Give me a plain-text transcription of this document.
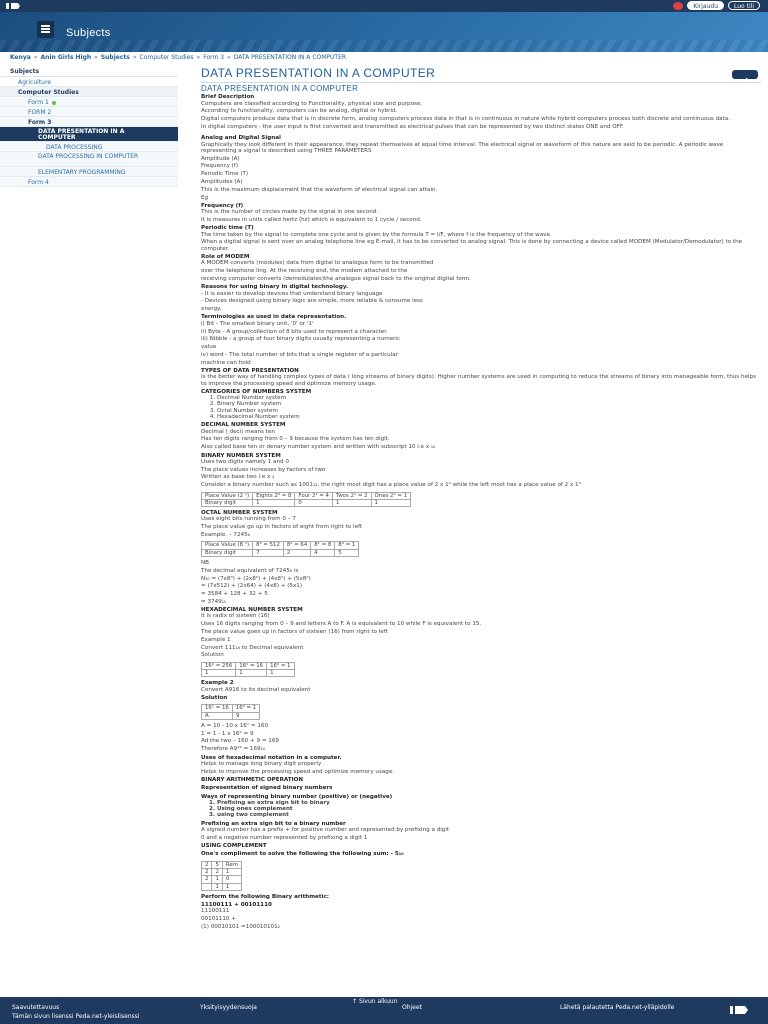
Kirjaudu	Luo tili
Subjects
Kenya » Anin Girls High » Subjects » Computer Studies » Form 3 » DATA PRESENTATION IN A COMPUTER
Subjects
Agriculture
Computer Studies
Form 1
FORM 2
Form 3
DATA PRESENTATION IN A COMPUTER
DATA PROCESSING
DATA PROCESSING IN COMPUTER
ELEMENTARY PROGRAMMING
Form 4
DATA PRESENTATION IN A COMPUTER
DATA PRESENTATION IN A COMPUTER
Brief Description
Computers are classified according to Functionality, physical size and purpose.
According to functionality, computers can be analog, digital or hybrid.
Digital computers produce data that is in discrete form, analog computers process data in that is in continuous in nature while hybrid computers process both discrete and continuous data.
In digital computers - the user input is first converted and transmitted as electrical pulses that can be represented by two distinct states ONE and OFF.
Analog and Digital Signal
Graphically they look different in their appearance, they repeat themselves at equal time interval. The electrical signal or waveform of this nature are said to be periodic. A periodic wave representing a signal is described using THREE PARAMETERS
Amplitude (A)
Frequency (f)
Periodic Time (T)
Amplitudes (A)
This is the maximum displacement that the waveform of electrical signal can attain.
Eg
Frequency (f)
This is the number of circles made by the signal in one second.
It is measures in units called hertz (hz) which is equivalent to 1 cycle / second.
Periodic time (T)
The time taken by the signal to complete one cycle and is given by the formula T = I/F, where f is the frequency of the wave.
When a digital signal is sent over an analog telephone line eg E-mail, it has to be converted to analog signal. This is done by connecting a device called MODEM (Modulator/Demodulator) to the computer.
Role of MODEM
A MODEM converts (modules) data from digital to analogue form to be transmitted
over the telephone ling. At the receiving end, the modem attached to the
receiving computer converts (demodulates)the analogue signal back to the original digital form.
Reasons for using binary in digital technology.
- It is easier to develop devices that understand binary language
- Devices designed using binary logic are simple, more reliable & consume less
energy.
Terminologies as used in data representation.
i) Bit - The smallest binary unit, '0' or '1'
ii) Byte - A group/collection of 8 bits used to represent a character.
iii) Nibble - a group of four binary digits usually representing a numeric
value
iv) word - The total number of bits that a single register of a particular
machine can hold
TYPES OF DATA PRESENTATION
Is the better way of handling complex types of data ( long streams of binary digits). Higher number systems are used in computing to reduce the streams of binary into manageable form, thus helps to improve the processing speed and optimize memory usage.
CATEGORIES OF NUMBERS SYSTEM
1. Decimal Number system
2. Binary Number system
3. Octal Number system
4. Hexadecimal Number system
DECIMAL NUMBER SYSTEM
Decimal ( deci) means ten
Has ten digits ranging from 0 – 9 because the system has ten digit.
Also called base ten or denary number system and written with subscript 10 i.e x ₁₀
BINARY NUMBER SYSTEM
Uses two digits namely 1 and 0
The place values increases by factors of two
Written as base two i.e x ₂
Consider a binary number such as 1001₁₂, the right most digit has a place value of 2 x 1⁰ while the left most has a place value of 2 x 1³
Place Value (2 ⁿ)	Eights 2³ = 8	Four 2² = 4	Twos 2¹ = 2	Ones 2⁰ = 1
Binary digit	1	0	1	1
OCTAL NUMBER SYSTEM
Uses eight bits running from 0 – 7
The place value go up in factors of eight from right to left
Example. – 7245₈
Place Value (8 ⁿ)	8³ = 512	8² = 64	8¹ = 8	8⁰ = 1
Binary digit	7	2	4	5
NB
The decimal equivalent of 7245₈ is
N₁₀ = (7x8³) + (2x8²) + (4x8¹) + (5x8⁰)
= (7x512) + (2x64) + (4x8) + (5x1)
= 3584 + 128 + 32 + 5
= 3749₁₀
HEXADECIMAL NUMBER SYSTEM
It is radix of sixteen (16)
Uses 16 digits ranging from 0 – 9 and letters A to F. A is equivalent to 10 while F is equivalent to 15.
The place value goes up in factors of sixteen (16) from right to left
Example 1
Convert 111₁₆ to Decimal equivalent
Solution
16² = 256	16¹ = 16	16⁰ = 1
1	1	1
Example 2
Convert A916 to its decimal equivalent
Solution
16¹ = 16	16⁰ = 1
A	9
A = 10 - 10 x 16¹ = 160
1 = 1 - 1 x 16⁰ = 9
Ad the two – 160 + 9 = 169
Therefore A9¹⁶ = 169₁₀
Uses of hexadecimal notation in a computer.
Helps to manage long binary digit properly
Helps to improve the processing speed and optimize memory usage.
BINARY ARITHMETIC OPERATION
Representation of signed binary numbers
Ways of representing binary number (positive) or (negative)
1. Prefixing an extra sign bit to binary
2. Using ones complement
3. using two complement
Prefixing an extra sign bit to a binary number
A signed number has a prefix + for positive number and represented by prefixing a digit
0 and a negative number represented by prefixing a digit 1
USING COMPLEMENT
One's compliment to solve the following the following sum: - 5₁₀
2	5	Rem
2	2	1
2	1	0
	1	1
Perform the following Binary arithmetic:
11100111 + 00101110
11100111
00101110 +
(1) 00010101 =100010101₂
Saavutettavuus	Yksityisyydensuoja
↑ Sivun alkuun
Ohjeet	Lähetä palautetta Peda.net-ylläpidolle
Tämän sivun lisenssi Peda.net-yleislisenssi
